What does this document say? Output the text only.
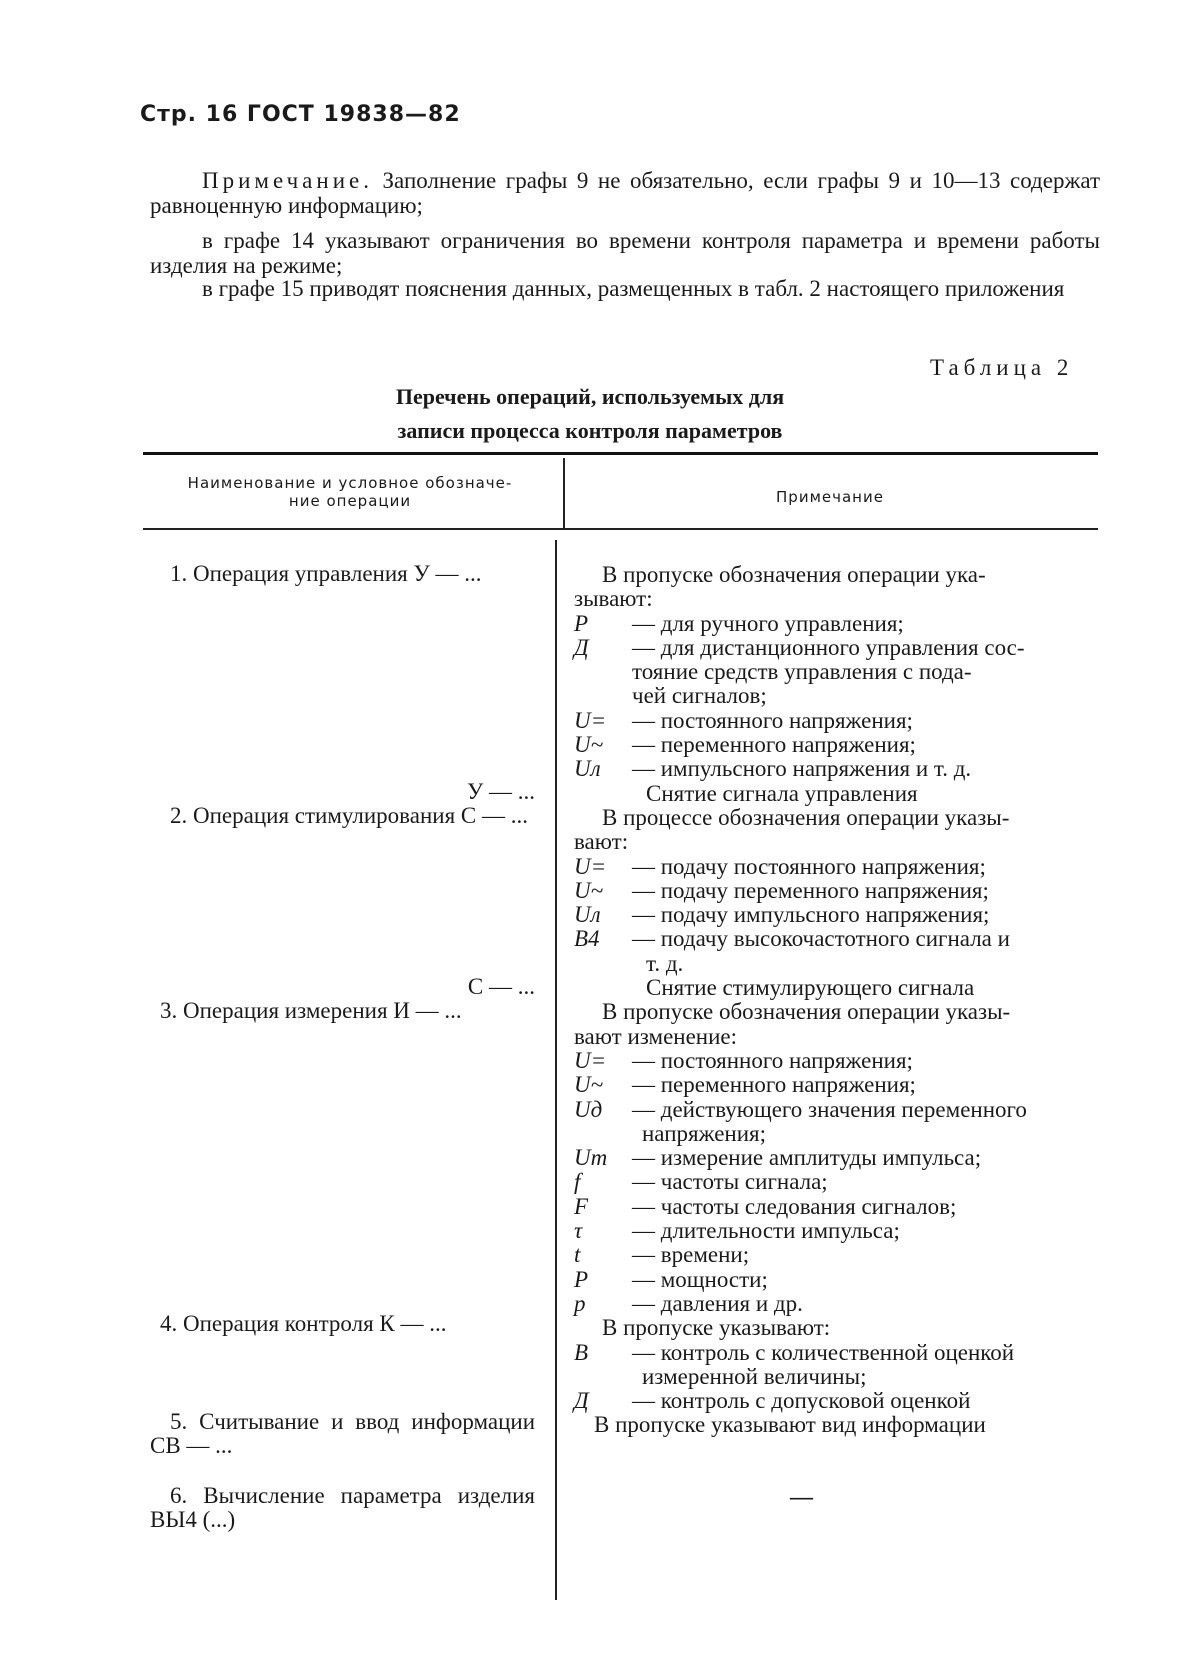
Стр. 16 ГОСТ 19838—82
Примечание. Заполнение графы 9 не обязательно, если графы 9 и 10—13 содержат равноценную информацию;
в графе 14 указывают ограничения во времени контроля параметра и времени работы изделия на режиме;
в графе 15 приводят пояснения данных, размещенных в табл. 2 настоящего приложения
Таблица 2
Перечень операций, используемых для
записи процесса контроля параметров
Наименование и условное обозначе-
ние операции	Примечание
1. Операция управления У — ...
У — ...
2. Операция стимулирования С — ...
С — ...
3. Операция измерения И — ...
4. Операция контроля К — ...
5. Считывание и ввод информации СВ — ...
6. Вычисление параметра изделия ВЫ4 (...)
В пропуске обозначения операции ука-
зывают:
Р — для ручного управления;
Д — для дистанционного управления сос-
тояние средств управления с пода-
чей сигналов;
U= — постоянного напряжения;
U~ — переменного напряжения;
Uл — импульсного напряжения и т. д.
Снятие сигнала управления
В процессе обозначения операции указы-
вают:
U= — подачу постоянного напряжения;
U~ — подачу переменного напряжения;
Uл — подачу импульсного напряжения;
В4 — подачу высокочастотного сигнала и
т. д.
Снятие стимулирующего сигнала
В пропуске обозначения операции указы-
вают изменение:
U= — постоянного напряжения;
U~ — переменного напряжения;
Uд — действующего значения переменного
напряжения;
Um — измерение амплитуды импульса;
f — частоты сигнала;
F — частоты следования сигналов;
τ — длительности импульса;
t — времени;
P — мощности;
p — давления и др.
В пропуске указывают:
В — контроль с количественной оценкой
измеренной величины;
Д — контроль с допусковой оценкой
В пропуске указывают вид информации
—
